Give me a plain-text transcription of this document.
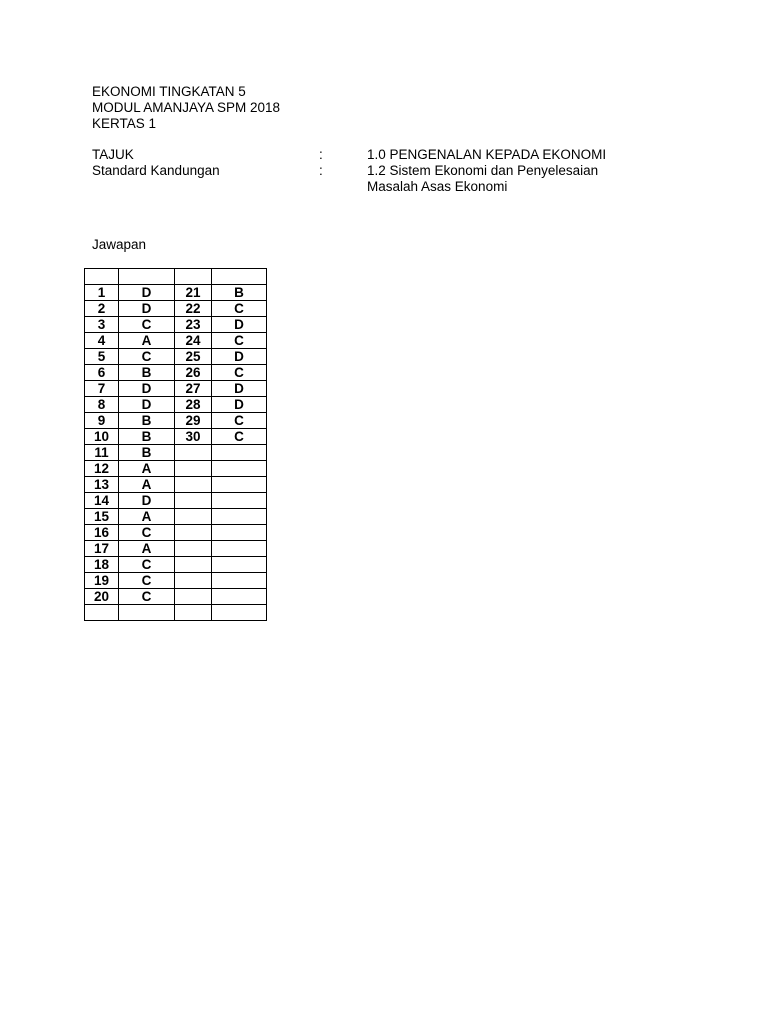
EKONOMI TINGKATAN 5
MODUL AMANJAYA SPM 2018
KERTAS 1
TAJUK	:	1.0 PENGENALAN KEPADA EKONOMI
Standard Kandungan	:	1.2 Sistem Ekonomi dan Penyelesaian
Masalah Asas Ekonomi
Jawapan

1	D	21	B
2	D	22	C
3	C	23	D
4	A	24	C
5	C	25	D
6	B	26	C
7	D	27	D
8	D	28	D
9	B	29	C
10	B	30	C
11	B		
12	A		
13	A		
14	D		
15	A		
16	C		
17	A		
18	C		
19	C		
20	C		
